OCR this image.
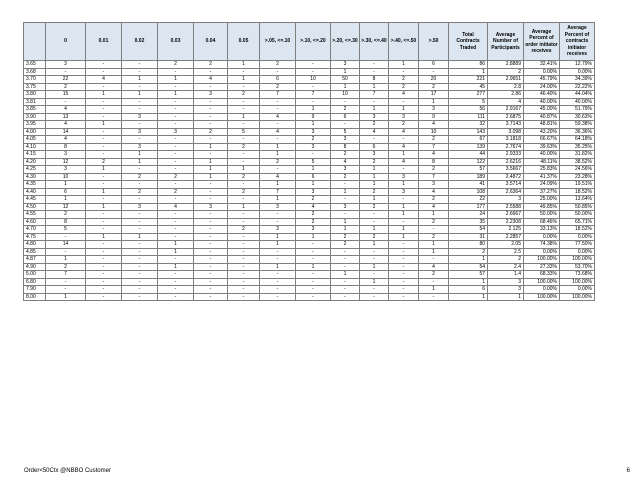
	0	0.01	0.02	0.03	0.04	0.05	>.05, <=.10	>.10, <=.20	>.20, <=.30	>.30, <=.40	>.40, <=.50	>.50	Total Contracts Traded	Average Number of Participants	Average Percent of order initiator receives	Average Percent of contracts initiator receives
3.65	3	-	-	2	2	1	2	-	3	-	1	6	86	2.8889	32.41%	12.79%
3.68	-	-	-	-	-	-	-	-	1	-	-	-	1	2	0.00%	0.00%
3.70	22	4	1	1	4	1	6	10	50	8	2	20	221	2.9651	45.79%	34.39%
3.75	2	-	-	-	-	-	2	-	1	1	2	2	45	2.8	24.00%	22.22%
3.80	15	1	1	1	3	2	7	7	10	7	4	17	277	2.86	46.40%	44.04%
3.81	-	-	-	-	-	-	-	-	-	-	-	1	5	4	40.00%	40.00%
3.85	4	-	-	-	-	-	-	1	2	1	1	3	56	2.9167	45.00%	51.79%
3.90	13	-	3	-	-	1	4	9	6	3	3	9	111	2.6875	40.87%	30.63%
3.95	4	1	-	-	-	-	-	1	-	2	2	4	32	3.7143	48.81%	59.38%
4.00	14	-	3	3	2	5	4	3	5	4	4	10	143	3.098	43.20%	36.36%
4.05	4	-	-	-	-	-	-	2	3	-	-	2	67	3.1818	66.67%	64.18%
4.10	8	-	3	-	1	2	1	3	8	6	4	7	139	2.7674	39.63%	35.25%
4.15	3	-	1	-	-	-	1	-	2	3	1	4	44	2.9333	40.00%	31.82%
4.20	12	2	1	-	1	-	2	5	4	2	4	8	122	2.6216	48.11%	38.52%
4.25	3	1	-	-	1	1	-	1	3	1	-	2	57	3.5667	25.83%	24.56%
4.30	10	-	2	2	1	2	4	6	2	1	3	7	189	2.4872	41.37%	23.28%
4.35	1	-	-	-	-	-	1	1	-	1	1	3	41	3.5714	24.09%	19.51%
4.40	6	1	2	2	-	2	7	3	1	2	3	4	108	2.6364	37.27%	18.52%
4.45	1	-	-	-	-	-	1	2	-	1	-	2	22	3	25.00%	13.64%
4.50	12	1	3	4	3	1	3	4	3	2	1	4	177	2.5588	49.85%	50.85%
4.55	2	-	-	-	-	-	-	2	-	-	1	1	24	2.6667	50.00%	50.00%
4.60	8	-	-	-	-	-	-	2	1	-	-	2	35	2.2308	68.46%	65.71%
4.70	5	-	-	-	-	2	3	3	1	1	1	-	54	2.125	33.13%	18.52%
4.75	-	1	1	-	-	-	1	1	2	2	1	2	31	2.2857	0.00%	0.00%
4.80	14	-	-	1	-	-	1	-	2	1	-	1	80	2.05	74.38%	77.50%
4.85	-	-	-	1	-	-	-	-	-	-	-	1	2	2.5	0.00%	0.00%
4.87	1	-	-	-	-	-	-	-	-	-	-	-	1	2	100.00%	100.00%
4.90	2	-	-	1	-	-	1	1	-	1	-	4	54	2.4	27.33%	53.70%
5.00	7	-	-	-	-	-	-	-	1	-	-	2	57	1.4	68.33%	73.68%
6.80	-	-	-	-	-	-	-	-	-	1	-	-	1	3	100.00%	100.00%
7.90	-	-	-	-	-	-	-	-	-	-	-	1	6	3	0.00%	0.00%
8.00	1	-	-	-	-	-	-	-	-	-	-	-	1	1	100.00%	100.00%
Order<50Ctx @NBBO Customer	6
